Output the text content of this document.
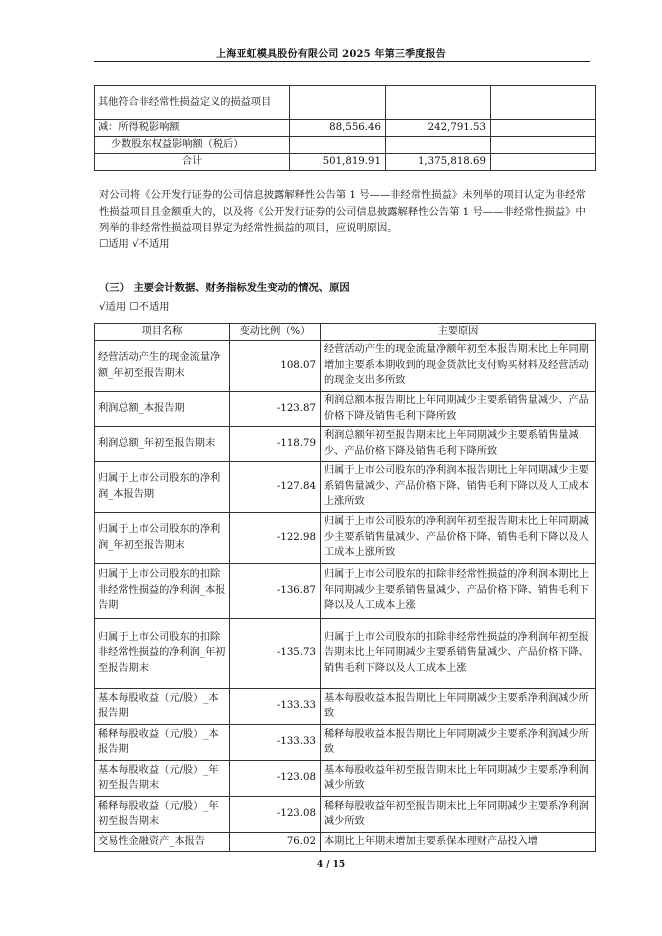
上海亚虹模具股份有限公司 2025 年第三季度报告
其他符合非经常性损益定义的损益项目			
减：所得税影响额	88,556.46	242,791.53	
少数股东权益影响额（税后）			
合计	501,819.91	1,375,818.69	
对公司将《公开发行证券的公司信息披露解释性公告第 1 号——非经常性损益》未列举的项目认定为非经常性损益项目且金额重大的，以及将《公开发行证券的公司信息披露解释性公告第 1 号——非经常性损益》中列举的非经常性损益项目界定为经常性损益的项目，应说明原因。
☐适用 √不适用
（三） 主要会计数据、财务指标发生变动的情况、原因
√适用 ☐不适用
项目名称	变动比例（%）	主要原因
经营活动产生的现金流量净额_年初至报告期末	108.07	经营活动产生的现金流量净额年初至本报告期末比上年同期增加主要系本期收到的现金货款比支付购买材料及经营活动的现金支出多所致
利润总额_本报告期	-123.87	利润总额本报告期比上年同期减少主要系销售量减少、产品价格下降及销售毛利下降所致
利润总额_年初至报告期末	-118.79	利润总额年初至报告期末比上年同期减少主要系销售量减少、产品价格下降及销售毛利下降所致
归属于上市公司股东的净利润_本报告期	-127.84	归属于上市公司股东的净利润本报告期比上年同期减少主要系销售量减少、产品价格下降、销售毛利下降以及人工成本上涨所致
归属于上市公司股东的净利润_年初至报告期末	-122.98	归属于上市公司股东的净利润年初至报告期末比上年同期减少主要系销售量减少、产品价格下降、销售毛利下降以及人工成本上涨所致
归属于上市公司股东的扣除非经常性损益的净利润_本报告期	-136.87	归属于上市公司股东的扣除非经常性损益的净利润本期比上年同期减少主要系销售量减少、产品价格下降、销售毛利下降以及人工成本上涨
归属于上市公司股东的扣除非经常性损益的净利润_年初至报告期末	-135.73	归属于上市公司股东的扣除非经常性损益的净利润年初至报告期末比上年同期减少主要系销售量减少、产品价格下降、销售毛利下降以及人工成本上涨
基本每股收益（元/股）_本报告期	-133.33	基本每股收益本报告期比上年同期减少主要系净利润减少所致
稀释每股收益（元/股）_本报告期	-133.33	稀释每股收益本报告期比上年同期减少主要系净利润减少所致
基本每股收益（元/股）_年初至报告期末	-123.08	基本每股收益年初至报告期末比上年同期减少主要系净利润减少所致
稀释每股收益（元/股）_年初至报告期末	-123.08	稀释每股收益年初至报告期末比上年同期减少主要系净利润减少所致
交易性金融资产_本报告	76.02	本期比上年期末增加主要系保本理财产品投入增
4 / 15
